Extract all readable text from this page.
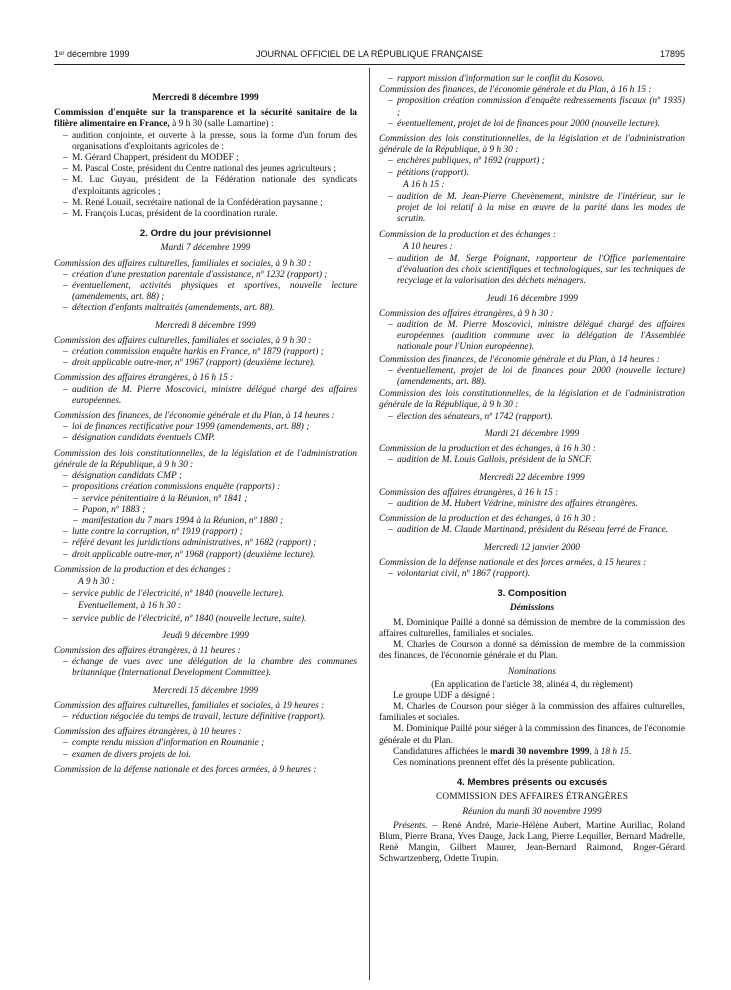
1ᵉʳ décembre 1999	JOURNAL OFFICIEL DE LA RÉPUBLIQUE FRANÇAISE	17895
Mercredi 8 décembre 1999

Commission d'enquête sur la transparence et la sécurité sanitaire de la filière alimentaire en France, à 9 h 30 (salle Lamartine) :

– audition conjointe, et ouverte à la presse, sous la forme d'un forum des organisations d'exploitants agricoles de :
– M. Gérard Chappert, président du MODEF ;
– M. Pascal Coste, président du Centre national des jeunes agriculteurs ;
– M. Luc Guyau, président de la Fédération nationale des syndicats d'exploitants agricoles ;
– M. René Louail, secrétaire national de la Confédération paysanne ;
– M. François Lucas, président de la coordination rurale.
2. Ordre du jour prévisionnel
Mardi 7 décembre 1999

Commission des affaires culturelles, familiales et sociales, à 9 h 30 :

– création d'une prestation parentale d'assistance, nº 1232 (rapport) ;
– éventuellement, activités physiques et sportives, nouvelle lecture (amendements, art. 88) ;
– détection d'enfants maltraités (amendements, art. 88).
Mercredi 8 décembre 1999

Commission des affaires culturelles, familiales et sociales, à 9 h 30 :

– création commission enquête harkis en France, nº 1879 (rapport) ;
– droit applicable outre-mer, nº 1967 (rapport) (deuxième lecture).

Commission des affaires étrangères, à 16 h 15 :

– audition de M. Pierre Moscovici, ministre délégué chargé des affaires européennes.

Commission des finances, de l'économie générale et du Plan, à 14 heures :

– loi de finances rectificative pour 1999 (amendements, art. 88) ;
– désignation candidats éventuels CMP.

Commission des lois constitutionnelles, de la législation et de l'administration générale de la République, à 9 h 30 :

– désignation candidats CMP ;
– propositions création commissions enquête (rapports) :
– service pénitentiaire à la Réunion, nº 1841 ;
– Papon, nº 1883 ;
– manifestation du 7 mars 1994 à la Réunion, nº 1880 ;
– lutte contre la corruption, nº 1919 (rapport) ;
– référé devant les juridictions administratives, nº 1682 (rapport) ;
– droit applicable outre-mer, nº 1968 (rapport) (deuxième lecture).

Commission de la production et des échanges :

A 9 h 30 :
– service public de l'électricité, nº 1840 (nouvelle lecture).
Eventuellement, à 16 h 30 :
– service public de l'électricité, nº 1840 (nouvelle lecture, suite).
Jeudi 9 décembre 1999

Commission des affaires étrangères, à 11 heures :

– échange de vues avec une délégation de la chambre des communes britannique (International Development Committee).
Mercredi 15 décembre 1999

Commission des affaires culturelles, familiales et sociales, à 19 heures :

– réduction négociée du temps de travail, lecture définitive (rapport).

Commission des affaires étrangères, à 10 heures :

– compte rendu mission d'information en Roumanie ;
– examen de divers projets de loi.

Commission de la défense nationale et des forces armées, à 9 heures :

– rapport mission d'information sur le conflit du Kosovo.

Commission des finances, de l'économie générale et du Plan, à 16 h 15 :

– proposition création commission d'enquête redressements fiscaux (nº 1935) ;
– éventuellement, projet de loi de finances pour 2000 (nouvelle lecture).

Commission des lois constitutionnelles, de la législation et de l'administration générale de la République, à 9 h 30 :

– enchères publiques, nº 1692 (rapport) ;
– pétitions (rapport).
A 16 h 15 :
– audition de M. Jean-Pierre Chevènement, ministre de l'intérieur, sur le projet de loi relatif à la mise en œuvre de la parité dans les modes de scrutin.

Commission de la production et des échanges :

A 10 heures :
– audition de M. Serge Poignant, rapporteur de l'Office parlementaire d'évaluation des choix scientifiques et technologiques, sur les techniques de recyclage et la valorisation des déchets ménagers.
Jeudi 16 décembre 1999

Commission des affaires étrangères, à 9 h 30 :

– audition de M. Pierre Moscovici, ministre délégué chargé des affaires européennes (audition commune avec la délégation de l'Assemblée nationale pour l'Union européenne).

Commission des finances, de l'économie générale et du Plan, à 14 heures :

– éventuellement, projet de loi de finances pour 2000 (nouvelle lecture) (amendements, art. 88).

Commission des lois constitutionnelles, de la législation et de l'administration générale de la République, à 9 h 30 :

– élection des sénateurs, nº 1742 (rapport).
Mardi 21 décembre 1999

Commission de la production et des échanges, à 16 h 30 :

– audition de M. Louis Gallois, président de la SNCF.
Mercredi 22 décembre 1999

Commission des affaires étrangères, à 16 h 15 :

– audition de M. Hubert Védrine, ministre des affaires étrangères.

Commission de la production et des échanges, à 16 h 30 :

– audition de M. Claude Martinand, président du Réseau ferré de France.
Mercredi 12 janvier 2000

Commission de la défense nationale et des forces armées, à 15 heures :

– volontariat civil, nº 1867 (rapport).
3. Composition
Démissions

M. Dominique Paillé a donné sa démission de membre de la commission des affaires culturelles, familiales et sociales.

M. Charles de Courson a donné sa démission de membre de la commission des finances, de l'économie générale et du Plan.

Nominations

(En application de l'article 38, alinéa 4, du règlement)

Le groupe UDF a désigné :

M. Charles de Courson pour siéger à la commission des affaires culturelles, familiales et sociales.

M. Dominique Paillé pour siéger à la commission des finances, de l'économie générale et du Plan.

Candidatures affichées le mardi 30 novembre 1999, à 18 h 15.

Ces nominations prennent effet dès la présente publication.

4. Membres présents ou excusés

COMMISSION DES AFFAIRES ÉTRANGÈRES

Réunion du mardi 30 novembre 1999

Présents. – René André, Marie-Hélène Aubert, Martine Aurillac, Roland Blum, Pierre Brana, Yves Dauge, Jack Lang, Pierre Lequiller, Bernard Madrelle, René Mangin, Gilbert Maurer, Jean-Bernard Raimond, Roger-Gérard Schwartzenberg, Odette Trupin.
